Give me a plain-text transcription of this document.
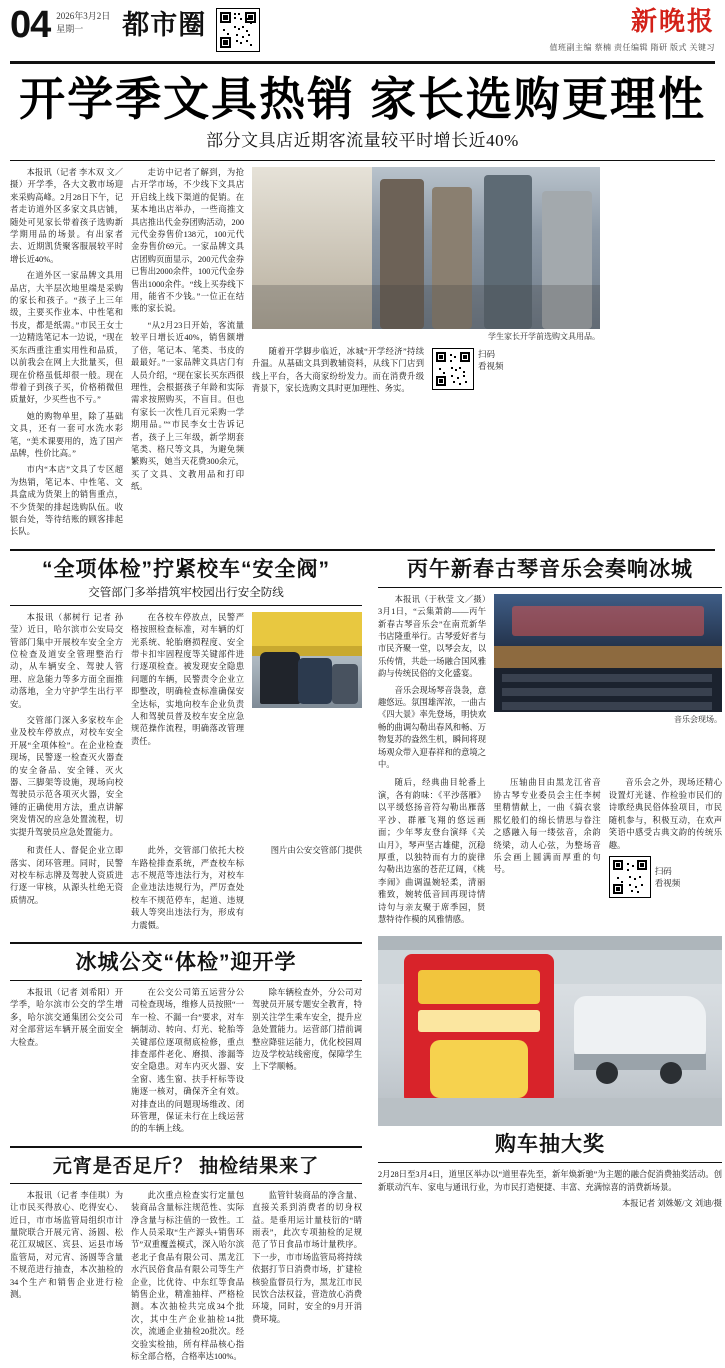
04 2026年3月2日
星期一	都市圈	新晚报
值班副主编 蔡楠 责任编辑 隋研 版式 关键习
开学季文具热销 家长选购更理性
部分文具店近期客流量较平时增长近40%

本报讯（记者 李木双 文／摄）开学季，各大文教市场迎来采购高峰。2月28日下午，记者走访道外区多家文具店铺，随处可见家长带着孩子选购新学期用品的场景。有出家者去、近期凯货聚客服展较平时增长近40%。

在道外区一家品牌文具用品店，大半层次地里端是采购的家长和孩子。“孩子上三年级，主要买作业本、中性笔和书皮，都是纸需。”市民王女士一边精选笔记本一边说，“现在买东西重注重实用性和品质，以前我会在网上大批量买，但现在价格虽低却很一般。现在带着子到孩子买，价格稍微但质量好，少买些也不亏。”

她的购物单里，除了基础文具，还有一套可水洗水彩笔，“美术课要用的，选了国产品牌，性价比高。”

市内“本店”文具了专区超为热销，笔记本、中性笔、文具盒成为货架上的销售重点，不少货架的排起选购队伍。收银台处，等待结账的顾客排起长队。

走访中记者了解到，为抢占开学市场，不少线下文具店开启线上线下渠道的促销。在某本地出店举办，一些商推文具店推出代金券团购活动，200元代金券售价138元，100元代金券售价69元。一家品牌文具店团购页面显示，200元代金券已售出2000余件，100元代金券售出1000余件。“线上买券线下用，能省不少钱。”一位正在结账的家长说。

“从2月23日开始，客流量较平日增长近40%，销售额增了倍，笔记本、笔类、书皮的最最好。”一家品牌文具店门有人员介绍，“现在家长买东西很理性，会根据孩子年龄和实际需求按照购买，不盲目。但也有家长一次性几百元采购一学期用品。”“市民李女士告诉记者，孩子上三年级，新学期套笔类、格尺等文具，为避免频繁购买，她当天花费300余元，买了文具、文教用品和打印纸。

学生家长开学前选购文具用品。

随着开学脚步临近，冰城“开学经济”持续升温。从基础文具到教辅资料，从线下门店到线上平台，各大商家纷纷发力。而在消费升级背景下，家长选购文具时更加理性、务实。

扫码
看视频
“全项体检”拧紧校车“安全阀”
交管部门多举措筑牢校园出行安全防线

本报讯（郝树行 记者 孙莹）近日，哈尔滨市公安局交管部门集中开展校车安全全方位检查及道安全管理整治行动，从车辆安全、驾驶人管理、应急能力等多方面全面推动落地，全力守护学生出行平安。

交管部门深入多家校车企业及校车停放点，对校车安全开展“全项体检”。在企业检查现场，民警逐一检查灭火器查的安全备品、安全锤、灭火器、三脚架等设施，现场向校驾驶员示范各项灭火器，安全锤的正确使用方法，重点讲解突发情况的应急处置流程，切实提升驾驶员应急处置能力。

在各校车停放点，民警严格按照检查标准，对车辆的灯光系统、轮胎磨损程度、安全带卡扣牢固程度等关键部件进行逐项检查。被发现安全隐患问题的车辆，民警责令企业立即整改，明确检查标准确保安全达标，实地向校车企业负责人和驾驶员普及校车安全应急规范操作流程，明确落改管理责任。

和责任人、督促企业立即落实、闭环管理。同时，民警对校车标志牌及驾驶人资质进行逐一审核，从源头杜绝无资质情况。

此外，交管部门依托大校车路检排查系统，严查校车标志不规范等违法行为，对校车企业违法违规行为，严厉查处校车不规范停车，起道、违规载人等突出违法行为，形成有力震慑。

图片由公安交管部门提供
冰城公交“体检”迎开学

本报讯（记者 刘希阳）开学季，哈尔滨市公交的学生增多，哈尔滨交通集团公交公司对全部营运车辆开展全面安全大检查。

在公交公司第五运营分公司检查现场，维修人员按照“一车一检、不漏一台”要求，对车辆制动、转向、灯光、轮胎等关键部位逐项彻底检修，重点排查部件老化、磨损、渗漏等安全隐患。对车内灭火器、安全窗、逃生窗、扶手杆标等设施逐一核对，确保齐全有效。对排查出的问题现场维改、闭环管理，保证未行在上线运营的的车辆上线。

除车辆检查外，分公司对驾驶员开展专题安全教育，特别关注学生乘车安全，提升应急处置能力。运营部门措前调整应降驻运能力，优化校园周边及学校站线密度，保障学生上下学顺畅。

元宵是否足斤？ 抽检结果来了

本报讯（记者 李佳琪）为让市民买得放心、吃得安心、近日，市市场监管局组织市计量院联合开展元宵、汤圆、松花江双城区、宾县、运县市场监管局，对元宵、汤圆等含量不规范进行抽查，本次抽检的34个生产和销售企业进行检测。

此次重点检查实行定量包装商品含量标注规范性、实际净含量与标注值的一致性。工作人员采取“生产源头+销售环节”双重覆盖模式，深入哈尔滨老北子食品有限公司、黑龙江水汽民俗食品有限公司等生产企业，比优待、中东红等食品销售企业，精准抽样、严格检测。本次抽检共完成34个批次，其中生产企业抽检14批次，流通企业抽检20批次。经交验实检抽，所有样品核心指标全部合格，合格率达100%。

监管针装商品的净含量、直接关系到消费者的切身权益。是垂用运计量枝衍的“睛雨表”，此次专项抽检的足规范了节日食品市场计量秩序。下一步，市市场监管局将持续依据打节日消费市场，扩建检核验监督员行为，黑龙江市民民饮合法权益，营造放心消费环境，同时，安全的9月开消费环境。

丙午新春古琴音乐会奏响冰城

本报讯（于秋莹 文／摄）3月1日，“云集萧韵——丙午新春古琴音乐会”在南荒新华书店隆重举行。古琴爱好者与市民齐聚一堂，以琴会友，以乐传情，共赴一场融合国风雅韵与传统民俗的文化盛宴。

音乐会现场琴音袅袅，意趣悠远。氛围雄浑浓，一曲古《四大景》率先登场，明快欢畅的曲调勾勒出春风和畅、万物复苏的盎然生机，瞬间将现场观众带入迎春祥和的意境之中。

音乐会现场。

随后，经典曲目轮番上演，各有韵味：《平沙落雁》以平缓悠扬音符勾勒出雁落平沙、群雁飞翔的悠远画面；少年琴友登台演绎《关山月》，琴声坚古雄健，沉稳厚重，以独特而有力的旋律勾勒出边塞的苍茫辽阔，《桃李闹》曲调温婉轻柔，清丽雅致，婉转低音回再现诗情诗句与亲友聚于席季园，贤慧特待作模的风雅情感。

压轴曲目由黑龙江省音协古琴专业委员会主任李树里精情献上，一曲《搞衣裳熙忆般们的绵长情思与眷注之感融入每一缕弦音，余韵绕梁，动人心弦，为整场音乐会画上圆满而厚重的句号。

音乐会之外，现场还精心设置灯光谜、作检验市民们的诗歌经典民俗体验项目，市民随机参与，积极互动，在欢声笑语中感受古典文韵的传统乐趣。

扫码
看视频
购车抽大奖
2月28日至3月4日，道里区举办以“道里春先至，新年焕新驰”为主题的融合促消费抽奖活动。创新联动汽车、家电与通讯行业，为市民打造便捷、丰富、充满惊喜的消费新场景。
本报记者 刘姝姬/文 刘迪/摄
